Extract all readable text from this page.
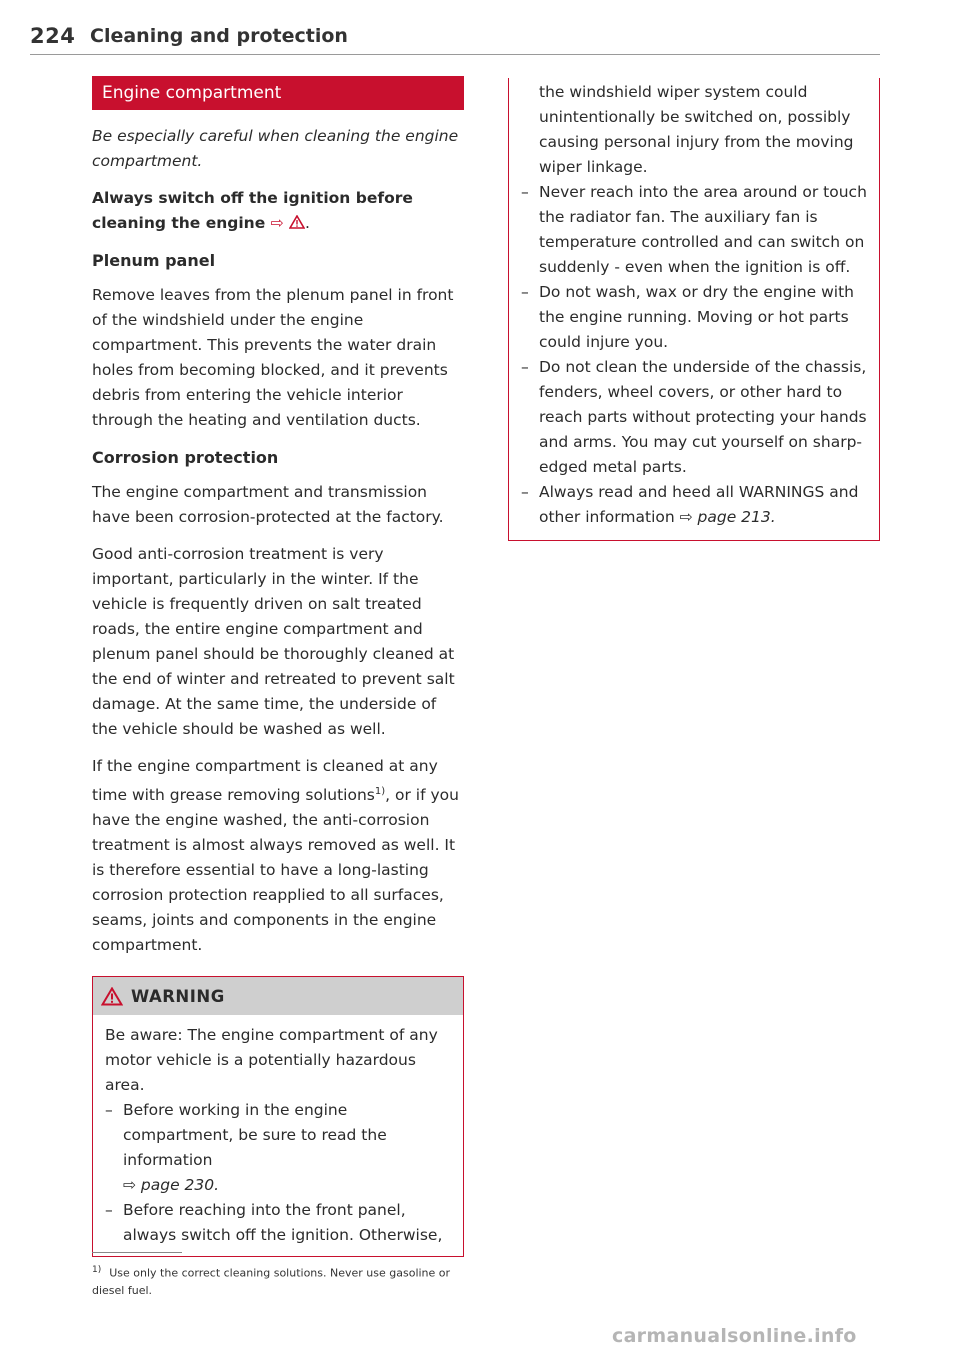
224 Cleaning and protection
Engine compartment

Be especially careful when cleaning the engine compartment.

Always switch off the ignition before cleaning the engine ⇨ .

Plenum panel

Remove leaves from the plenum panel in front of the windshield under the engine compartment. This prevents the water drain holes from becoming blocked, and it prevents debris from entering the vehicle interior through the heating and ventilation ducts.

Corrosion protection

The engine compartment and transmission have been corrosion-protected at the factory.

Good anti-corrosion treatment is very important, particularly in the winter. If the vehicle is frequently driven on salt treated roads, the entire engine compartment and plenum panel should be thoroughly cleaned at the end of winter and retreated to prevent salt damage. At the same time, the underside of the vehicle should be washed as well.

If the engine compartment is cleaned at any time with grease removing solutions$^{1)}$, or if you have the engine washed, the anti-corrosion treatment is almost always removed as well. It is therefore essential to have a long-lasting corrosion protection reapplied to all surfaces, seams, joints and components in the engine compartment.

WARNING

Be aware: The engine compartment of any motor vehicle is a potentially hazardous area.

– Before working in the engine compartment, be sure to read the information
⇨ page 230.
– Before reaching into the front panel, always switch off the ignition. Otherwise,

the windshield wiper system could unintentionally be switched on, possibly causing personal injury from the moving wiper linkage.

– Never reach into the area around or touch the radiator fan. The auxiliary fan is temperature controlled and can switch on suddenly - even when the ignition is off.
– Do not wash, wax or dry the engine with the engine running. Moving or hot parts could injure you.
– Do not clean the underside of the chassis, fenders, wheel covers, or other hard to reach parts without protecting your hands and arms. You may cut yourself on sharp-edged metal parts.
– Always read and heed all WARNINGS and other information ⇨ page 213.
$^{1)}$ Use only the correct cleaning solutions. Never use gasoline or diesel fuel.
carmanualsonline.info
